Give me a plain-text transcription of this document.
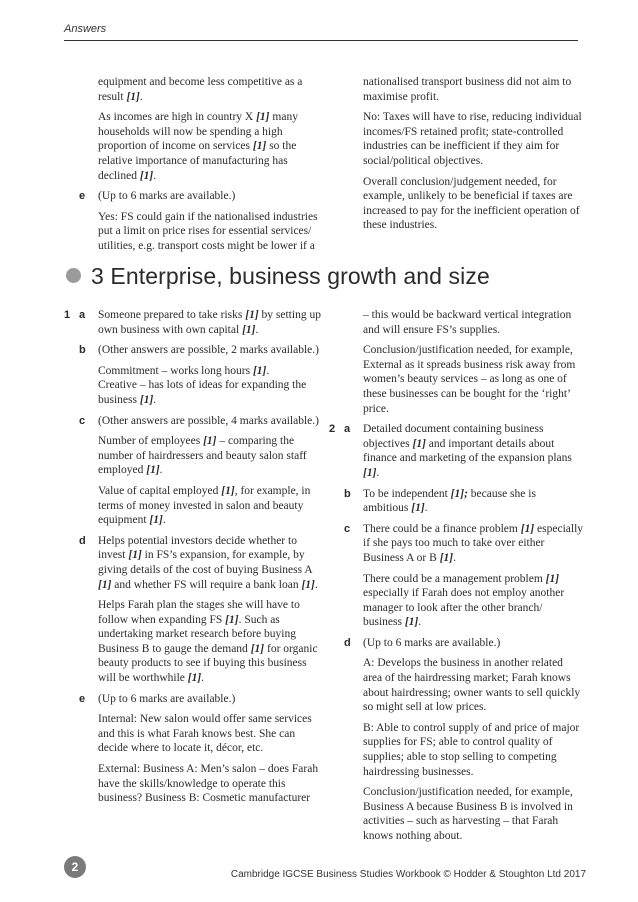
Answers

equipment and become less competitive as a result [1].

As incomes are high in country X [1] many households will now be spending a high proportion of income on services [1] so the relative importance of manufacturing has declined [1].

e (Up to 6 marks are available.)

Yes: FS could gain if the nationalised industries put a limit on price rises for essential services/ utilities, e.g. transport costs might be lower if a

nationalised transport business did not aim to maximise profit.

No: Taxes will have to rise, reducing individual incomes/FS retained profit; state-controlled industries can be inefficient if they aim for social/political objectives.

Overall conclusion/judgement needed, for example, unlikely to be beneficial if taxes are increased to pay for the inefficient operation of these industries.

3 Enterprise, business growth and size
1 a Someone prepared to take risks [1] by setting up own business with own capital [1].

b (Other answers are possible, 2 marks available.)

Commitment – works long hours [1].
Creative – has lots of ideas for expanding the business [1].

c (Other answers are possible, 4 marks available.)

Number of employees [1] – comparing the number of hairdressers and beauty salon staff employed [1].

Value of capital employed [1], for example, in terms of money invested in salon and beauty equipment [1].

d Helps potential investors decide whether to invest [1] in FS’s expansion, for example, by giving details of the cost of buying Business A [1] and whether FS will require a bank loan [1].

Helps Farah plan the stages she will have to follow when expanding FS [1]. Such as undertaking market research before buying Business B to gauge the demand [1] for organic beauty products to see if buying this business will be worthwhile [1].

e (Up to 6 marks are available.)

Internal: New salon would offer same services and this is what Farah knows best. She can decide where to locate it, décor, etc.

External: Business A: Men’s salon – does Farah have the skills/knowledge to operate this business? Business B: Cosmetic manufacturer

– this would be backward vertical integration and will ensure FS’s supplies.

Conclusion/justification needed, for example, External as it spreads business risk away from women’s beauty services – as long as one of these businesses can be bought for the ‘right’ price.

2 a Detailed document containing business objectives [1] and important details about finance and marketing of the expansion plans [1].

b To be independent [1]; because she is ambitious [1].

c There could be a finance problem [1] especially if she pays too much to take over either Business A or B [1].

There could be a management problem [1] especially if Farah does not employ another manager to look after the other branch/ business [1].

d (Up to 6 marks are available.)

A: Develops the business in another related area of the hairdressing market; Farah knows about hairdressing; owner wants to sell quickly so might sell at low prices.

B: Able to control supply of and price of major supplies for FS; able to control quality of supplies; able to stop selling to competing hairdressing businesses.

Conclusion/justification needed, for example, Business A because Business B is involved in activities – such as harvesting – that Farah knows nothing about.

2
Cambridge IGCSE Business Studies Workbook © Hodder & Stoughton Ltd 2017
